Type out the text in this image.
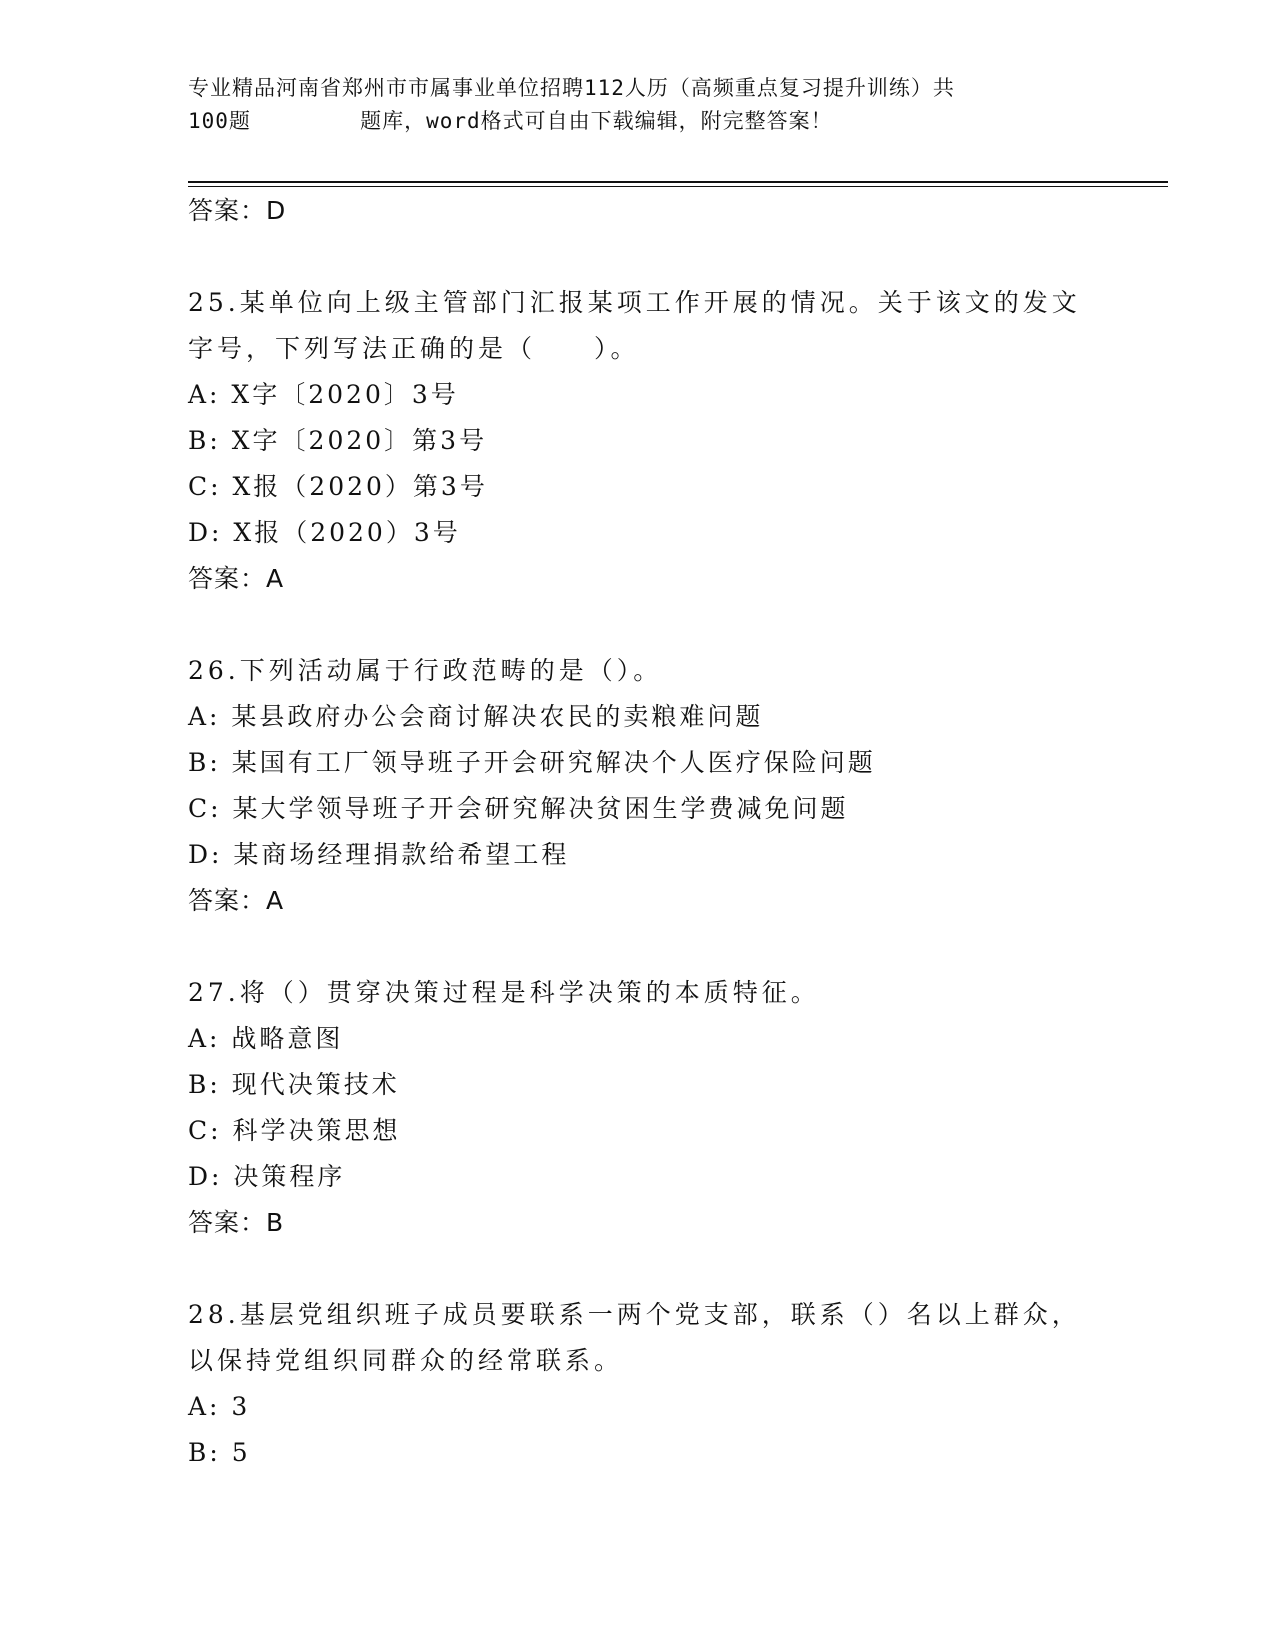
专业精品河南省郑州市市属事业单位招聘112人历（高频重点复习提升训练）共
100题        题库，word格式可自由下载编辑，附完整答案！
答案：D
25.某单位向上级主管部门汇报某项工作开展的情况。关于该文的发文
字号，下列写法正确的是（　　）。
A: X字〔2020〕3号
B: X字〔2020〕第3号
C: X报（2020）第3号
D: X报（2020）3号
答案：A
26.下列活动属于行政范畴的是（）。
A: 某县政府办公会商讨解决农民的卖粮难问题
B: 某国有工厂领导班子开会研究解决个人医疗保险问题
C: 某大学领导班子开会研究解决贫困生学费减免问题
D: 某商场经理捐款给希望工程
答案：A
27.将（）贯穿决策过程是科学决策的本质特征。
A: 战略意图
B: 现代决策技术
C: 科学决策思想
D: 决策程序
答案：B
28.基层党组织班子成员要联系一两个党支部，联系（）名以上群众，
以保持党组织同群众的经常联系。
A: 3
B: 5
